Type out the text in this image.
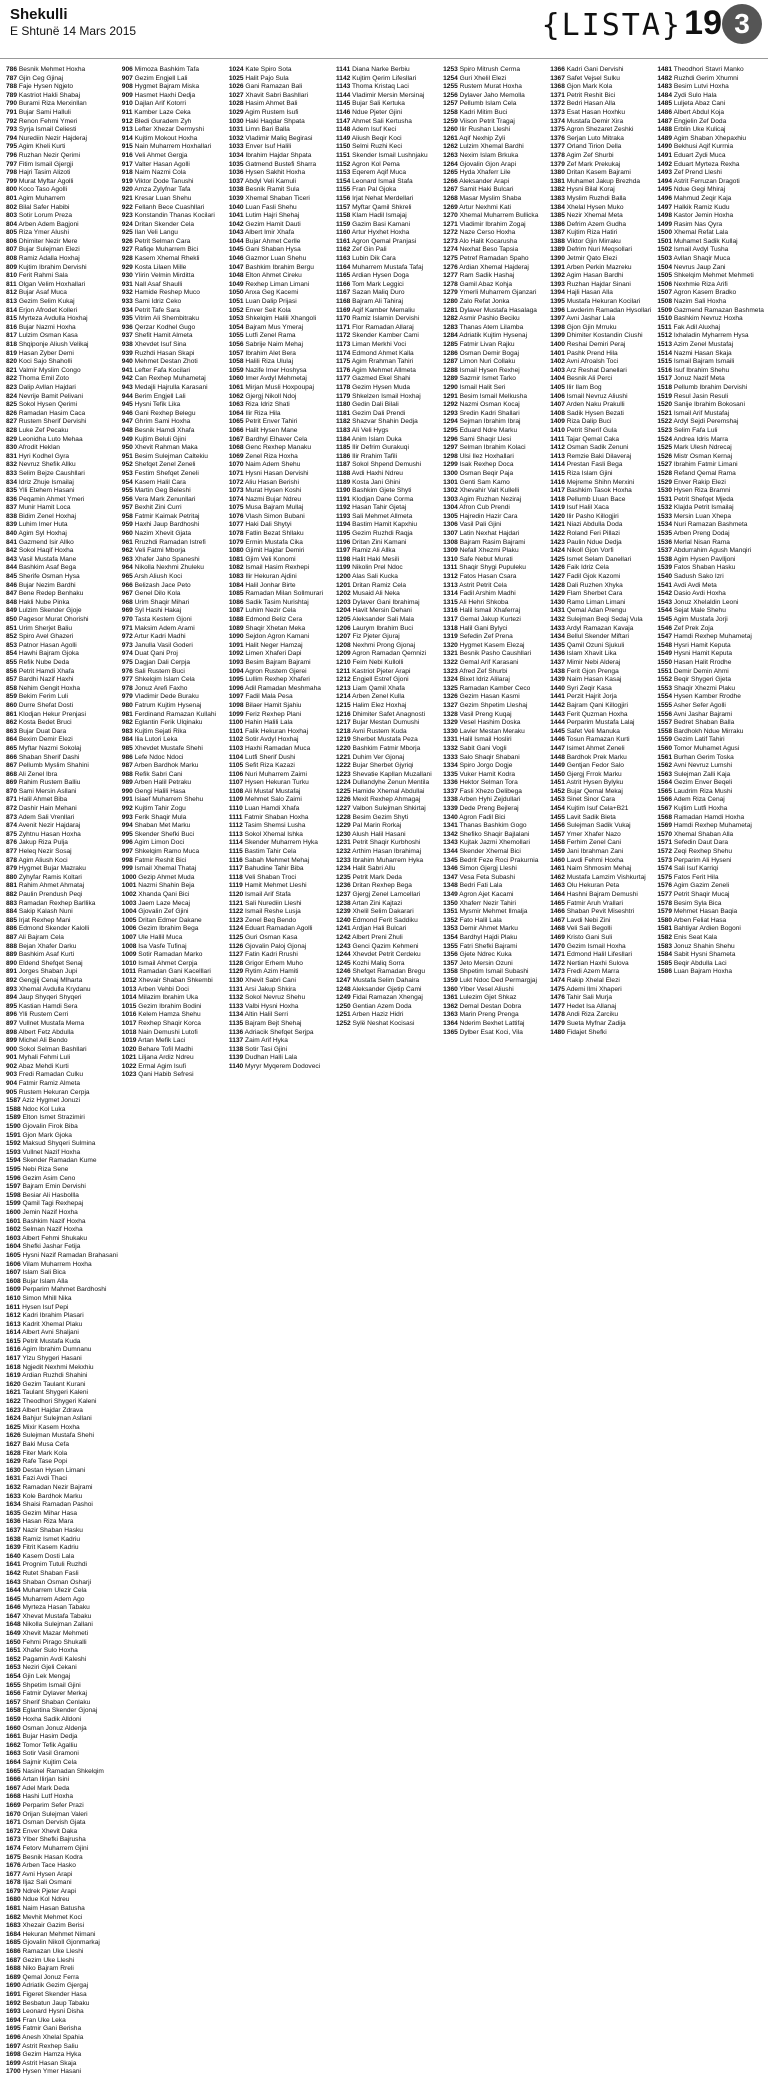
Shekulli
E Shtunë 14 Mars 2015	{LISTA} 19 3
786 Besnik Mehmet Hoxha
787 Gjin Ceg Gjinaj
788 Faje Hysen Ngjeto
789 Kastriot Hakli Shabaj
790 Burami Riza Merxinllan
791 Bujar Sami Halluli
792 Renon Fehmi Ymeri
793 Syrja Ismail Celiesti
794 Nurediin Nezir Hajderaj
795 Agim Kheli Kurti
796 Ruzhan Nezir Qerimi
797 Fitim Ismail Gjergji
798 Hajri Tasim Alizoti
799 Murat Myftar Agolli
800 Koco Taso Agolli
801 Agim Muharrem
802 Bilal Safer Habibi
803 Sotir Lorum Preza
804 Arben Adem Bagjoni
805 Riza Ymer Alushi
806 Dhimiter Nezir Mere
807 Bujar Sulejman Elezi
808 Ramiz Adalla Hoxhaj
809 Kujtim Ibrahim Dervishi
810 Ferit Rahmi Sala
811 Olgan Velim Hoxhallari
812 Bujar Asaf Muca
813 Gezim Selim Kukaj
814 Erjon Afrodet Kolleri
815 Myrteza Avdulla Hoxhaj
816 Bujar Nazmi Hoxha
817 Lulzim Osman Kasa
818 Shqiponje Aliush Velikaj
819 Hasan Zyber Demi
820 Koci Sajo Shaholli
821 Valmir Myslim Congo
822 Thoma Emil Zoto
823 Dalip Avllan Hajdari
824 Nevrije Bamit Pelivani
825 Sokol Hysen Qerimi
826 Ramadan Hasim Caca
827 Rustem Sherif Dervishi
828 Luke Zef Pecaku
829 Leonidha Luto Mehaa
830 Afrodit Heklan
831 Hyri Kodhel Gyra
832 Nevruz Shefik Allku
833 Selim Bejze Caushllari
834 Idriz Zhuje Ismailaj
835 Ylli Etehem Hasani
836 Peqamin Ahmet Ymeri
837 Munir Hamit Loca
838 Bidim Zenel Hoxhaj
839 Luhim Imer Huta
840 Agim Syl Hoxhaj
841 Gazmend Isir Allko
842 Sokol Haqif Hoxha
843 Vasil Mustafa Mane
844 Bashkim Asaf Bega
845 Sherife Osman Hysa
846 Bujar Nezim Bardhi
847 Bene Redep Benhaku
848 Hakli Nube Pinka
849 Lulzim Skender Gjoje
850 Pagesor Murat Ohorishi
851 Urim Sherjet Baliu
852 Spiro Avel Ghazeri
853 Patnor Hasan Agolli
854 Hawhi Bajram Gjoka
855 Refik Nube Deda
856 Petrit Hamdi Xhafa
857 Bardhi Nazif Haxhi
858 Nehim Gengit Hoxha
859 Bekim Ferim Luli
860 Durre Shefat Dosti
861 Klodjan Hekur Prenjasi
862 Kosta Bedet Bruci
863 Bujar Duat Dara
864 Bexim Demir Elezi
865 Myftar Nazmi Sokolaj
866 Shaban Sherif Dashi
867 Pellumb Myslim Shahini
868 Ali Zenel Ibra
869 Rahim Rustem Balliu
870 Sami Mersin Asllani
871 Halil Ahmet Biba
872 Dashir Hain Mehani
873 Adem Sali Vrenllari
874 Avenit Nezir Hajdaraj
875 Zyhtnu Hasan Hoxha
876 Jakup Riza Pulja
877 Heleq Nezir Sosaj
878 Agim Aliush Koci
879 Hygmet Bujar Mazraku
880 Zyhyfar Ramis Koltari
881 Rahim Ahmet Ahmataj
882 Paulin Prendush Peqi
883 Ramadan Rexhep Barllika
884 Sakip Kalash Nuni
885 Irjat Rexhep Mani
886 Edmond Skender Kalolli
887 Ali Bajram Cela
888 Bejan Xhafer Darku
889 Bashkim Asaf Kurti
890 Eldend Shefqet Senaj
891 Jorges Shaban Jupi
892 Gengjij Cenaj Mlharta
893 Xhemal Avdulla Krydanu
894 Jaup Shyqeri Shyqeri
895 Kastian Hamdi Sera
896 Ylli Rustem Cerri
897 Vullnet Mustafa Mema
898 Albert Fetz Abdulla
899 Michel Ali Bendo
900 Sokol Selman Bashllari
901 Myhali Fehmi Luli
902 Abaz Mehdi Kurti
903 Fredi Ramadan Culku
904 Fatmir Ramiz Almeta
905 Rustem Hekuran Cerpja
906 Mimoza Bashkim Tafa
907 Gezim Engjell Lali
908 Hygmet Bajram Miska
909 Hasmet Haxhi Dedja
910 Dajlan Arif Kotorri
911 Kamber Laze Ceka
912 Bledi Guradem Zyh
913 Lefter Xhezar Dermyshi
914 Kujtim Mokout Hoxha
915 Nain Muharrem Hoxhallari
916 Veli Ahmet Gergja
917 Valter Hasan Agolli
918 Naim Nazmi Cola
919 Viktor Dode Tanushi
920 Amza Zylyfnar Tafa
921 Kresar Luan Shehu
922 Fellanh Bece Cuashllari
923 Konstandin Thanas Kocilari
924 Dritan Skender Cela
925 Ilan Veli Langu
926 Petrit Selman Cara
927 Rafiqe Muharrem Bici
928 Kasem Xhemal Rhekli
929 Kosta Lilaen Mille
930 Ylirin Velmin Mirditta
931 Nall Asaf Shaulli
932 Hamide Reshep Muco
933 Sami Idriz Ceko
934 Petrit Tafe Sara
935 Vitrim Ali Shembitraku
936 Qerzar Kodhel Gugo
937 Shefit Hamit Almeta
938 Xhevdet Isuf Sina
939 Ruzhdi Hasan Skapi
940 Mehmet Destan Zhoti
941 Lefter Fafa Kocilari
942 Can Rexhep Muhametaj
943 Medajli Hajrulla Karasani
944 Berim Engjell Lali
945 Hysni Tefik Lika
946 Gani Rexhep Belegu
947 Ghrim Sami Hoxha
948 Besnik Hamdi Xhafa
949 Kujtim Beluli Gjini
950 Xhevit Rahman Maka
951 Besim Sulejman Caltekiu
952 Shefqet Zenel Zeneli
953 Festim Shefqet Zeneli
954 Kasem Halil Cara
955 Martin Geg Beleshi
956 Vera Mark Zenunllari
957 Bexhit Zini Curri
958 Fatmir Kaimak Petritaj
959 Haxhi Jaup Bardhoshi
960 Nazim Xhevit Gjata
961 Rruzhdi Ramadan Istrefi
962 Veli Fatmi Mborja
963 Xhafer Jaho Spaneshi
964 Nikolla Nexhmi Zhuleku
965 Arsh Aliush Koci
966 Belizash Jace Peto
967 Genel Dilo Kola
968 Urim Shaqir Mihari
969 Syl Hashi Hakaj
970 Tasta Kestem Gjoni
971 Maksim Adem Arami
972 Artur Kadri Madhi
973 Janulla Vasil Goderi
974 Duat Qani Proj
975 Dagjan Dali Cerpja
976 Sali Rustem Buci
977 Shkelqim Islam Cela
978 Jonuz Arefi Faxho
979 Vladimir Dede Buraku
980 Fatrum Kujtim Hysenaj
981 Ferdinand Ramazan Kullahi
982 Eglantin Ferik Ulqinaku
983 Kujtim Sejati Rika
984 Ilia Lutori Leka
985 Xhevdet Mustafe Shehi
986 Lefe Ndoc Ndoci
987 Arben Bardhok Marku
988 Refik Sabri Cani
989 Arben Halil Petraku
990 Gengi Halili Hasa
991 Isiaef Muharrem Shehu
992 Kujtim Tahir Zogu
993 Ferik Shaqir Mula
994 Shaban Met Marku
995 Skender Shefki Buci
996 Agim Limon Doci
997 Shkelqim Ramo Muca
998 Fatmir Reshit Bici
999 Ismail Xhemal Thataj
1000 Gezip Ahmet Muda
1001 Nazmi Shahin Beja
1002 Xhanda Qani Bici
1003 Jaem Laze Mecaj
1004 Gjovalin Zef Gjini
1005 Dritan Edmer Dakane
1006 Gezim Ibrahim Bega
1007 Ule Hallil Muca
1008 Isa Vasfe Tufinaj
1009 Sotir Ramadan Marko
1010 Ismail Ahmet Cerpja
1011 Ramadan Gani Kacelllari
1012 Xhevair Shaban Shkembi
1013 Arben Vehbi Doci
1014 Milazim Ibrahim Uka
1015 Gezim Ibrahim Bodini
1016 Kelem Hamza Shehu
1017 Rexhep Shaqir Korca
1018 Nain Demushi Lutofi
1019 Artan Mefik Laci
1020 Behare Tofil Madhi
1021 Liljana Ardiz Ndreu
1022 Ermal Agim Isufi
1023 Qani Habib Sefresi
1024 Kate Spiro Sota
1025 Halit Pajo Sula
1026 Gani Ramazan Bali
1027 Xhavit Sabri Bashllari
1028 Hasim Ahmet Bali
1029 Agim Rustem Isufi
1030 Haki Haqdar Shpata
1031 Limn Bari Balla
1032 Vladimir Maliq Begirasi
1033 Enver Isuf Halili
1034 Ibrahim Hajdar Shpata
1035 Gatmend Bustefi Sharra
1036 Hysen Sakhit Hoxha
1037 Abdyl Veli Kamuli
1038 Besnik Ramit Sula
1039 Xhemal Shaban Ticeri
1040 Luan Fasli Shehu
1041 Lutim Hajri Shehaj
1042 Gezim Hamit Dauti
1043 Albert Imir Xhafa
1044 Bujar Ahmet Cerlle
1045 Gani Shaban Hysa
1046 Gazmor Luan Shehu
1047 Bashkim Ibrahim Bergu
1048 Elton Ahmet Cireku
1049 Rexhep Liman Limani
1050 Anxa Geg Kacemi
1051 Luan Dalip Prijasi
1052 Enver Seit Kola
1053 Shkelqim Halili Xhangoli
1054 Bajram Mus Ymeraj
1055 Lutfi Zenel Rama
1056 Sabrije Naim Mehaj
1057 Ibrahim Alet Bera
1058 Halili Riza Ululaj
1059 Nazife Imer Hoshysa
1060 Imer Avdyl Mehmetaj
1061 Mirjan Musli Hoxpoupaj
1062 Gjergj Nikoll Ndoj
1063 Riza Idriz Shati
1064 Ilir Riza Hila
1065 Petrit Enver Tahiri
1066 Halit Hysen Mane
1067 Bardhyl Elhaver Cela
1068 Genc Rexhep Manaku
1069 Zenel Riza Hoxha
1070 Naim Adem Shehu
1071 Hysni Hasan Dervishi
1072 Aliu Hasan Berishi
1073 Murat Hysen Koshi
1074 Nazmi Bujar Ndreu
1075 Musa Bajram Mullaj
1076 Vlash Simon Bubani
1077 Haki Dali Shytyi
1078 Fatlin Bezat Shllaku
1079 Ermin Mustafa Cika
1080 Gjimit Hajdar Demiri
1081 Gjim Veli Konomi
1082 Ismail Hasim Rexhepi
1083 Ilir Hekuran Ajdini
1084 Halil Jonhar Birte
1085 Ramadan Milan Sollmurari
1086 Sadik Tasim Nurishtaj
1087 Luhim Nezir Cela
1088 Edmond Beliz Cera
1089 Shaqir Xhetan Meka
1090 Sejdon Agron Kamani
1091 Halit Neger Hamzaj
1092 Limen Xhaferi Dapi
1093 Besim Bajram Bajrami
1094 Agron Rustem Gjerei
1095 Lullim Rexhep Xhaferi
1096 Adil Ramadan Meshmaha
1097 Fadil Mala Pesa
1098 Bilaer Hamit Sjahiu
1099 Feriz Rexhep Plani
1100 Hahin Halili Lala
1101 Falik Hekuran Hoxhaj
1102 Sotir Avdyl Hoxhaj
1103 Haxhi Ramadan Muca
1104 Lutfi Sherif Dushi
1105 Sefit Riza Kazazi
1106 Nuri Muharrem Zaimi
1107 Hysen Hekuran Turku
1108 Ali Mustaf Mustafaj
1109 Mehmet Salo Zaimi
1110 Luan Hamdi Xhafa
1111 Fatmir Shaban Hoxha
1112 Tasim Shemsi Lusha
1113 Sokol Xhemal Ishka
1114 Skender Muharrem Hyka
1115 Bastim Tahir Cela
1116 Sabah Mehmet Mehaj
1117 Bahudine Tahir Biba
1118 Veli Shaban Troci
1119 Hamit Mehmet Lleshi
1120 Ismail Arif Stafa
1121 Sali Nurediin Lleshi
1122 Ismail Reshe Lusja
1123 Zenel Beq Bendo
1124 Eduart Ramadan Agolli
1125 Guri Osman Kasa
1126 Gjovalin Paloj Gjonaj
1127 Fatin Kadri Rrushi
1128 Grigor Erhem Muho
1129 Rytim Azim Hamiti
1130 Xhevit Sabri Cani
1131 Arsi Jakup Shkira
1132 Sokol Nevruz Shehu
1133 Valbi Hysni Hoxha
1134 Altin Halil Serri
1135 Bajram Bejt Shehaj
1136 Adriacik Shefqet Serjpa
1137 Zaim Arif Hyka
1138 Sotir Tasi Gjini
1139 Dudhan Halli Lala
1140 Myryr Myqerem Dodoveci
1141 Diana Narke Berbiu
1142 Kujtim Qerim Lifesllari
1143 Thoma Kristaq Laci
1144 Vladimir Mersin Mersinaj
1145 Bujar Sali Kertuka
1146 Ndue Pjeter Gjini
1147 Ahmet Sali Kertusha
1148 Adem Isuf Keci
1149 Aliush Beqir Koci
1150 Selmi Ruzhi Keci
1151 Skender Ismail Lushnjaku
1152 Agron Kol Pema
1153 Eqerem Aqif Muca
1154 Leonard Ismail Stafa
1155 Fran Pal Gjoka
1156 Irjat Nehat Merdellari
1157 Myftar Qamil Shkreli
1158 Klam Hadil Ismajaj
1159 Gazim Basi Kamani
1160 Artur Hyxhet Hoxha
1161 Agron Qemal Pranjasi
1162 Zef Gin Pali
1163 Lubin Dik Cara
1164 Muharrem Mustafa Tafaj
1165 Ardian Hysen Doga
1166 Tom Mark Leggici
1167 Sazan Maliq Duro
1168 Bajram Ali Tahiraj
1169 Aqif Kamber Memaliu
1170 Ramiz Islamin Dervishi
1171 Flor Ramadan Allaraj
1172 Skender Kamber Cami
1173 Liman Merkhi Voci
1174 Edmond Ahmet Kalla
1175 Agim Rrahman Tahiri
1176 Agim Mehmet Allmeta
1177 Gazmed Ekel Shahi
1178 Gezim Hysen Muda
1179 Shkelzen Ismail Hoxhaj
1180 Gedin Dali Bilali
1181 Gezim Dali Prendi
1182 Shazvar Shahin Dedja
1183 Ali Veli Hygs
1184 Anim Islam Duka
1185 Ilir Defrim Gurakuqi
1186 Ilir Rrahim Tafili
1187 Sokol Shpend Demushi
1188 Avdi Haxhi Ndreu
1189 Kosta Jani Ghini
1190 Bashkim Gjete Shyti
1191 Klodjan Dane Corma
1192 Hasan Tahir Gjetaj
1193 Sali Mehmet Allmeta
1194 Bastim Hamit Kapxhiu
1195 Gezim Ruzhdi Raqja
1196 Dritan Zini Kamani
1197 Ramiz Ali Allka
1198 Halit Haki Mesili
1199 Nikolin Prel Ndoc
1200 Alas Sali Kucka
1201 Dritan Ramiz Cela
1202 Musaid Ali Neka
1203 Dylaver Gani Ibrahimaj
1204 Havit Mersin Dehani
1205 Aleksander Sali Mala
1206 Laurym Ibrahim Buci
1207 Fiz Pjeter Gjuraj
1208 Nexhmi Prong Gjonaj
1209 Agron Ramadan Qemnizi
1210 Feim Nebi Kullolli
1211 Kastriot Pjeter Arapi
1212 Engjell Estref Gjoni
1213 Liam Qamil Xhafa
1214 Arben Zenel Kulla
1215 Halim Elez Hoxhaj
1216 Dhimiter Safet Anagnosti
1217 Bujar Mestan Dumushi
1218 Avni Rustem Kuda
1219 Sherbet Mustafa Peza
1220 Bashkim Fatmir Mborja
1221 Duhim Ver Gjonaj
1222 Bujar Sherbet Gjyriqi
1223 Shevatie Kapllan Muzallani
1224 Dullandyhe Zenun Mentila
1225 Hamide Xhemal Abdullai
1226 Mexit Rexhep Ahmagaj
1227 Valbon Sulejman Shkirtaj
1228 Besim Gezim Shyti
1229 Pal Marin Rorkaj
1230 Alush Halil Hasani
1231 Petrit Shaqir Kurbhoshi
1232 Arthim Hasan Ibrahimaj
1233 Ibrahim Muharrem Hyka
1234 Halit Sabri Allu
1235 Petrit Mark Deda
1236 Dritan Rexhep Bega
1237 Gjergj Zenel Lamcellari
1238 Artan Zini Kajtazi
1239 Xhelil Selim Dakarari
1240 Edmond Ferit Saddiku
1241 Ardjan Hali Bulcari
1242 Albert Preni Zhuli
1243 Genci Qazim Kehmeni
1244 Xhevdet Petrit Cerdeku
1245 Kozhi Maliq Sorra
1246 Shefqet Ramadan Bregu
1247 Mustafa Selim Dahaira
1248 Aleksander Gjetip Cami
1249 Fidai Ramazan Xhengaj
1250 Gentian Azem Doda
1251 Arben Haziz Hidri
1252 Sylë Neshat Kocisasi
1253 Spiro Mitrush Cerma
1254 Guri Xhelil Elezi
1255 Rustem Murat Hoxha
1256 Dylaver Jaho Memolla
1257 Pellumb Islam Cela
1258 Kadri Mitim Buci
1259 Viison Petrit Tragaj
1260 Ilir Rushan Lleshi
1261 Aqif Nexhip Zyli
1262 Lulzim Xhemal Bardhi
1263 Nexim Islam Brkuka
1264 Gjovalin Gjon Arapi
1265 Hyda Xhaferr Lile
1266 Aleksander Arapi
1267 Samit Haki Bulcari
1268 Masar Myslim Shaba
1269 Artur Nexhmi Kati
1270 Xhemal Muharrem Bullicka
1271 Vladimir Ibrahim Zogaj
1272 Naze Cerso Hoxha
1273 Alo Halit Kocarusha
1274 Nexhat Beso Tapsia
1275 Petref Ramadan Spaho
1276 Ardian Xhemal Hajderaj
1277 Ram Sadik Hashaj
1278 Gamil Abaz Kohja
1279 Ymerli Muharrem Gjanzari
1280 Zalo Refat Jonka
1281 Dylaver Mustafa Hasalaga
1282 Asmir Pashio Beciku
1283 Thanas Atem Lilamba
1284 Adriatik Kujtim Hysenaj
1285 Fatmir Livan Rajku
1286 Osman Demir Bogaj
1287 Limon Nuri Collaku
1288 Ismail Hysen Rexhej
1289 Sazmir Ismet Tarko
1290 Ismail Halit Seri
1291 Besim Ismail Melkusha
1292 Nazmi Osman Kocaj
1293 Sredin Kadri Shallari
1294 Sejman Ibrahim Ibraj
1295 Eduard Ndre Marku
1296 Sami Shaqir Llesi
1297 Selman Ibrahim Kolaci
1298 Ulsi Ilez Hoxhallari
1299 Isak Rexhep Doca
1300 Osman Beqir Paja
1301 Genti Sam Kamo
1302 Xhevahir Vait Kullelli
1303 Agim Ruzhan Neziraj
1304 Afron Cub Prendi
1305 Hajredin Hazir Cara
1306 Vasil Pali Gjini
1307 Latin Nexhat Hajdari
1308 Bajram Rasim Bajrami
1309 Nefall Xhezmi Plaku
1310 Safe Nebut Murati
1311 Shaqir Shygi Pupuleku
1312 Fatos Hasan Csara
1313 Astrit Petrit Cela
1314 Fadil Arshim Madhi
1315 Ali Hehri Shkoba
1316 Halil Ismail Xhaferraj
1317 Gemal Jakup Kurtezi
1318 Halil Gani Bylyci
1319 Sefedin Zef Prena
1320 Hygmet Kasem Elezaj
1321 Besnik Pasho Caushllari
1322 Gemal Arif Karasani
1323 Afred Zef Shurbi
1324 Bixet Idriz Alilaraj
1325 Ramadan Kamber Ceco
1326 Gezim Hasan Kasmi
1327 Gezim Shpetim Lleshaj
1328 Vasil Preng Kuqaj
1329 Vesel Hashim Doska
1330 Lavier Mestan Meraku
1331 Halil Ismail Hosliri
1332 Sabit Gani Vogli
1333 Salo Shaqir Shabani
1334 Spiro Jorgo Dogje
1335 Vuker Hamit Kodra
1336 Hektor Selman Tora
1337 Fasli Xhezo Delibega
1338 Arben Hyhi Zejdullari
1339 Dede Preng Bejleraj
1340 Agron Fadil Bici
1341 Thanas Bashkim Gogo
1342 Shefiko Shaqir Bajlalani
1343 Kujtak Jazmi Xhemollari
1344 Skender Xhemal Bici
1345 Bedrit Feze Roci Prakurnia
1346 Simon Gjergj Lleshi
1347 Vesa Feta Subashi
1348 Bedri Fati Lala
1349 Agron Ajet Kacami
1350 Xhaferr Nezir Tahiri
1351 Mysmir Mehmet Ilmalja
1352 Fato Halil Lala
1353 Demir Ahmet Marku
1354 Bardhyl Hajdi Plaku
1355 Fatri Shefki Bajrami
1356 Gjete Ndrec Kuka
1357 Jeto Mersin Ozuni
1358 Shpetim Ismail Subashi
1359 Lukt Ndoc Ded Permargjaj
1360 Ylber Vesel Aliushi
1361 Lulezim Gjet Shkaz
1362 Demal Destan Dobra
1363 Marin Preng Prenga
1364 Nderim Bexhet Lattifaj
1365 Dylber Esat Koci, Vila
1366 Kadri Gani Dervishi
1367 Safet Vejsel Sulku
1368 Gjon Mark Kola
1371 Petrit Reshit Bici
1372 Bedri Hasan Alla
1373 Esat Hasan Hoxhku
1374 Mustafa Demir Xira
1375 Agron Shezaret Zeshki
1376 Serjan Luto Mitraka
1377 Orland Tirion Della
1378 Agim Zef Shurbi
1379 Zef Mark Prekukaj
1380 Dritan Kasem Bajrami
1381 Muhamet Jakup Brezhda
1382 Hysni Bilal Koraj
1383 Myslim Ruzhdi Balla
1384 Xhelal Hysen Muko
1385 Nezir Xhemal Meta
1386 Defrim Azem Gudha
1387 Kujtim Riza Hatiri
1388 Viktor Gjin Mirraku
1389 Defrim Nuri Meqsollari
1390 Jetmir Qato Elezi
1391 Arben Perkin Mazreku
1392 Agim Hasan Bardhi
1393 Ruzhan Hajdar Sinani
1394 Hajli Hasan Alla
1395 Mustafa Hekuran Kocilari
1396 Lavderim Ramadan Hysollari
1397 Avni Jashar Lala
1398 Gjon Gjin Mrruku
1399 Dhimiter Kostandin Ciushi
1400 Reshai Demiri Peraj
1401 Pashk Prend Hila
1402 Avni Afroalsh Toci
1403 Arz Reshat Danellari
1404 Besnik Ali Perci
1405 Ilir Ilam Bog
1406 Ismail Nevruz Aliushi
1407 Arden Naku Prakulli
1408 Sadik Hysen Bezati
1409 Riza Dalip Buci
1410 Petrit Sherif Gula
1411 Tajar Qemal Caka
1412 Osman Sadik Zenuni
1413 Remzie Baki Dilaveraj
1414 Prestan Fasli Bega
1415 Riza Islam Gjini
1416 Mejreme Shihn Merxini
1417 Bashkim Tasok Hoxha
1418 Pellumb Lluan Bace
1419 Isuf Halil Xaca
1420 Ilir Pasho Killogjiri
1421 Niazi Abdulla Doda
1422 Roland Feri Pillazi
1423 Paulin Ndue Dedja
1424 Nikoll Gjon Vorfi
1425 Ismet Selam Danellari
1426 Faik Idriz Cela
1427 Fadil Gjok Kazomi
1428 Dali Ruzhen Xhyka
1429 Flam Sherbet Cara
1430 Ramo Liman Limani
1431 Qemal Adan Prengu
1432 Sulejman Beqi Sedaj Vula
1433 Ardyl Ramazan Kavaja
1434 Bellul Skender Miftari
1435 Qamil Ozuni Sjukuli
1436 Islam Xhavit Lika
1437 Mimir Nebi Alderaj
1438 Ferit Gjon Prenga
1439 Naim Hasan Kasaj
1440 Syri Zeqir Kasa
1441 Perzit Hajrit Jorja
1442 Bajram Qani Killogjiri
1443 Ferit Quzman Hoxha
1444 Perparim Mustafa Lalaj
1445 Safet Veli Manuka
1446 Tosun Ramazan Kurti
1447 Isimet Ahmet Zeneli
1448 Bardhok Prek Marku
1449 Gentjan Fedor Salo
1450 Gjergj Frrok Marku
1451 Astrit Hysen Bylyku
1452 Bujar Qemal Mekaj
1453 Sinet Sinor Cara
1454 Kujtim Isuf Cela+B21
1455 Lavit Sadik Bieta
1456 Sulejman Sadik Vukaj
1457 Ymer Xhafer Nazo
1458 Ferhim Zenel Cani
1459 Jani Ibrahman Zani
1460 Lavdi Fehmi Hoxha
1461 Naim Shmosim Mehaj
1462 Mustafa Lamzim Vishkurtaj
1463 Olu Hekuran Peta
1464 Hashni Bajram Demushi
1465 Fatmir Aruh Vrallari
1466 Shaban Pevit Miseshtri
1467 Lavdi Nebi Zini
1468 Veli Sali Begolli
1469 Kristo Gani Suli
1470 Gezim Ismail Hoxha
1471 Edmond Halil Lifesllari
1472 Nertian Haxhi Sulova
1473 Fredi Azem Marra
1474 Rakip Xhelal Elezi
1475 Ademi Ilmi Xhaperi
1476 Tahir Sali Murja
1477 Hedet Isa Allanaj
1478 Andi Riza Zarciku
1479 Sueta Myfnar Zadija
1480 Fidajet Shefki
1481 Theodhori Stavri Manko
1482 Ruzhdi Gerim Xhumni
1483 Besim Lutvi Hoxha
1484 Zydi Sulo Hala
1485 Luljeta Abaz Cani
1486 Albert Abdul Koja
1487 Engjelin Zef Doda
1488 Erblin Uke Kulicaj
1489 Agim Shaban Xhepaxhiu
1490 Bekhusi Aqif Kurrnia
1491 Eduart Zydi Muca
1492 Eduart Myrteza Rexha
1493 Zef Prend Lleshi
1494 Astrit Ferruzan Dragoti
1495 Ndue Gegi Mhiraj
1496 Mahmud Zeqir Kaja
1497 Halkik Ramiz Kudu
1498 Kastor Jemin Hoxha
1499 Rasim Nas Qyra
1500 Xhemal Refat Lala
1501 Muhamet Sadik Kullaj
1502 Ismail Avdyl Tusha
1503 Avllan Shaqir Muca
1504 Nevrus Jaup Zani
1505 Shkelqim Mehmet Mehmeti
1506 Nexhmie Riza Arifi
1507 Agron Kasem Bradko
1508 Nazim Sali Hoxha
1509 Gazmend Ramazan Bashmeta
1510 Bashkim Nevruz Hoxha
1511 Fak Adil Aluxhaj
1512 Ixhaladin Myharrem Hysa
1513 Azim Zenel Mustafaj
1514 Nazmi Hasan Skaja
1515 Ismail Bajram Ismaili
1516 Isuf Ibrahim Shehu
1517 Jonuz Nazif Meta
1518 Pellumb Ibrahim Dervishi
1519 Resul Jasin Resuli
1520 Sanije Ibrahim Bokosani
1521 Ismail Arif Mustafaj
1522 Ardyl Sejdi Peremshaj
1523 Selim Fafa Luli
1524 Andrea Idris Marra
1525 Mark Ulesh Ndrecaj
1526 Mistr Osman Kernaj
1527 Ibrahim Fatmir Limani
1528 Refand Qemal Rama
1529 Enver Rakip Elezi
1530 Hysen Riza Bramni
1531 Petrit Shefqet Mjeda
1532 Klajda Petrit Ismailaj
1533 Mersin Luan Xhepa
1534 Nuri Ramazan Bashmeta
1535 Arben Preng Dodaj
1536 Merlal Nisan Rama
1537 Abdurrahim Agush Manqiri
1538 Agim Hysen Pavlljoni
1539 Fatos Shaban Hasku
1540 Sadush Sako Izri
1541 Avdi Avdi Meta
1542 Dasio Avdi Hoxha
1543 Jonuz Xhelaldin Leoni
1544 Sejat Male Shehu
1545 Agim Mustafa Jorji
1546 Zef Prek Zoja
1547 Hamdi Rexhep Muhametaj
1548 Hysri Hamit Keputa
1549 Hysni Hamit Keputa
1550 Hasan Halit Rrodhe
1551 Demir Demin Ahmi
1552 Beqir Shygeri Gjeta
1553 Shaqir Xhezmi Plaku
1554 Hysen Kamber Rrodhe
1555 Asher Sefer Agolli
1556 Avni Jashar Bajrami
1557 Bedret Shaban Balla
1558 Bardhokh Ndue Mirraku
1559 Gezim Latif Tahiri
1560 Tomor Muhamet Agusi
1561 Burhan Gerim Toska
1562 Avni Nevruz Lumshi
1563 Sulejman Zalli Kaja
1564 Gezim Enver Beqeli
1565 Laudrim Riza Mushi
1566 Adem Riza Cenaj
1567 Kujtim Lutfi Hoxha
1568 Ramadan Hamdi Hoxha
1569 Hamdi Rexhep Muhametaj
1570 Xhemal Shaban Alla
1571 Sefedin Daut Dara
1572 Zeqi Rexhep Shehu
1573 Perparim Ali Hyseni
1574 Sali Isuf Karriqi
1575 Fatos Ferit Hila
1576 Agim Gazim Zeneli
1577 Petrit Shaqir Mucaj
1578 Besim Syla Bica
1579 Mehmet Hasan Baqia
1580 Arben Feliat Hasa
1581 Bahtiyar Ardien Bogoni
1582 Enis Seat Kala
1583 Jonuz Shahin Shehu
1584 Sabit Hysni Shameta
1585 Beqir Abdulla Laci
1586 Luan Bajram Hoxha
1587 Aziz Hygmet Jonuzi
1588 Ndoc Kol Luka
1589 Elton Ismet Strazimiri
1590 Gjovalin Firok Biba
1591 Gjon Mark Gjoka
1592 Maksud Shyqeri Sulmina
1593 Vullnet Nazif Hoxha
1594 Skender Ramadan Kume
1595 Nebi Riza Sene
1596 Gezim Asim Ceno
1597 Bajram Emin Dervishi
1598 Besiar Ali Hasbollla
1599 Qamil Tagi Rexhepaj
1600 Jemin Nazif Hoxha
1601 Bashkim Nazif Hoxha
1602 Selman Nazif Hoxha
1603 Albert Fehmi Shukaku
1604 Shefki Jashar Fetija
1605 Hysni Nazif Ramadan Brahasani
1606 Vilam Muharrem Hoxha
1607 Islam Sali Bica
1608 Bujar Islam Alla
1609 Perparim Mahmet Bardhoshi
1610 Simon Mhill Nika
1611 Hysen Isuf Pepi
1612 Kadri Ibrahim Plasari
1613 Kadrit Xhemal Plaku
1614 Albert Avni Shaljani
1615 Petrit Mustafa Kuda
1616 Agim Ibrahim Dumnanu
1617 Ylzu Shygeri Hasani
1618 Ngjedit Nexhmi Mekxhiu
1619 Ardian Ruzhdi Shahini
1620 Gezim Taulant Kurani
1621 Taulant Shygeri Kaleni
1622 Theodhori Shygeri Kaleni
1623 Albert Hajdar Zdrava
1624 Bahjur Sulejman Asllani
1625 Mixir Kasem Hoxha
1626 Sulejman Mustafa Shehi
1627 Baki Musa Cefa
1628 Fiter Mark Kola
1629 Rafe Tase Popi
1630 Destan Hysen Limani
1631 Fazi Avdi Thaci
1632 Ramadan Nezir Bajrami
1633 Kole Bardhok Marku
1634 Shaisi Ramadan Pashoi
1635 Gezim Mihar Hasa
1636 Hasan Riza Mara
1637 Nazir Shaban Hasku
1638 Ramiz Ismet Kadriu
1639 Fitrit Kasem Kadriu
1640 Kasem Dosti Lala
1641 Prognim Tutuli Ruzhdi
1642 Rutet Shaban Fasli
1643 Shaban Osman Osharji
1644 Muharrem Ulezir Cela
1645 Muharrem Adem Ago
1646 Myrteza Hasan Tabaku
1647 Xhevat Mustafa Tabaku
1648 Nikolla Sulejman Zallani
1649 Xhevit Mazar Mehmeti
1650 Fehmi Pirago Shukalli
1651 Xhafer Sulo Hoxha
1652 Pagamin Avdi Kaleshi
1653 Neziri Gjeli Cekani
1654 Gjin Lek Mengaj
1655 Shpetim Ismail Gjini
1656 Fatmir Dylaver Merkaj
1657 Sherif Shaban Cenlaku
1658 Eglantina Skender Gjonaj
1659 Hoxha Sadik Alldoni
1660 Osman Jonuz Aldenja
1661 Bujar Hasim Dedja
1662 Tomor Tefik Agalliu
1663 Sotir Vasil Gramoni
1664 Sajmir Kujtim Cela
1665 Nasinel Ramadan Shkelqim
1666 Artan Ilirjan Isini
1667 Adel Mark Deda
1668 Hashi Lutf Hoxha
1669 Perparim Sefer Prazi
1670 Orijan Sulejman Valeri
1671 Osman Dervish Gjata
1672 Enver Xhevit Daka
1673 Ylber Shefki Bajrusha
1674 Fetorv Muharrem Gjini
1675 Besnik Hasan Kodra
1676 Arben Tace Hasko
1677 Avni Hysen Arapi
1678 Iljaz Sali Osmani
1679 Ndrek Pjeter Arapi
1680 Ndue Kol Ndreu
1681 Naim Hasan Batusha
1682 Mevhit Mehmet Koci
1683 Xhezair Gazim Berisi
1684 Hekuran Mehmet Nimani
1685 Gjovalin Nikoll Gjonmarkaj
1686 Ramazan Uke Lleshi
1687 Gezim Uke Lleshi
1688 Niko Bajram Rreli
1689 Qemal Jonuz Ferra
1690 Adriatik Gezim Gjergaj
1691 Figeret Skender Hasa
1692 Besbatun Jaup Tabaku
1693 Leonard Hysni Disha
1694 Fran Uke Leka
1695 Fatmir Gani Berisha
1696 Anesh Xhelal Spahia
1697 Astrit Rexhep Saliu
1698 Gezim Hamza Hyka
1699 Astrit Hasan Skaja
1700 Hysen Ymer Hasani
